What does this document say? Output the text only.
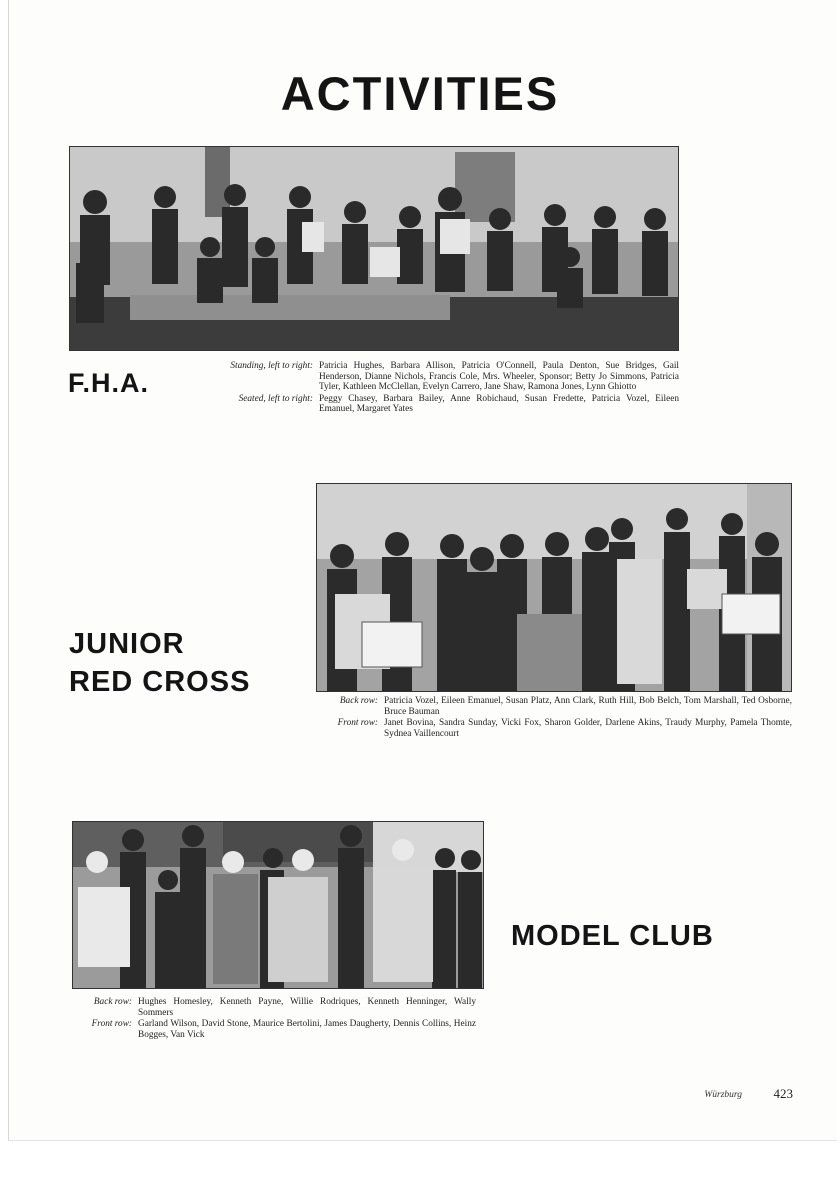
ACTIVITIES
F.H.A.
Standing, left to right: Patricia Hughes, Barbara Allison, Patricia O'Connell, Paula Denton, Sue Bridges, Gail Henderson, Dianne Nichols, Francis Cole, Mrs. Wheeler, Sponsor; Betty Jo Simmons, Patricia Tyler, Kathleen McClellan, Evelyn Carrero, Jane Shaw, Ramona Jones, Lynn Ghiotto
Seated, left to right: Peggy Chasey, Barbara Bailey, Anne Robichaud, Susan Fredette, Patricia Vozel, Eileen Emanuel, Margaret Yates
JUNIOR
RED CROSS
Back row: Patricia Vozel, Eileen Emanuel, Susan Platz, Ann Clark, Ruth Hill, Bob Belch, Tom Marshall, Ted Osborne, Bruce Bauman
Front row: Janet Bovina, Sandra Sunday, Vicki Fox, Sharon Golder, Darlene Akins, Traudy Murphy, Pamela Thomte, Sydnea Vaillencourt
MODEL CLUB
Back row: Hughes Homesley, Kenneth Payne, Willie Rodriques, Kenneth Henninger, Wally Sommers
Front row: Garland Wilson, David Stone, Maurice Bertolini, James Daugherty, Dennis Collins, Heinz Bogges, Van Vick
Würzburg 423
